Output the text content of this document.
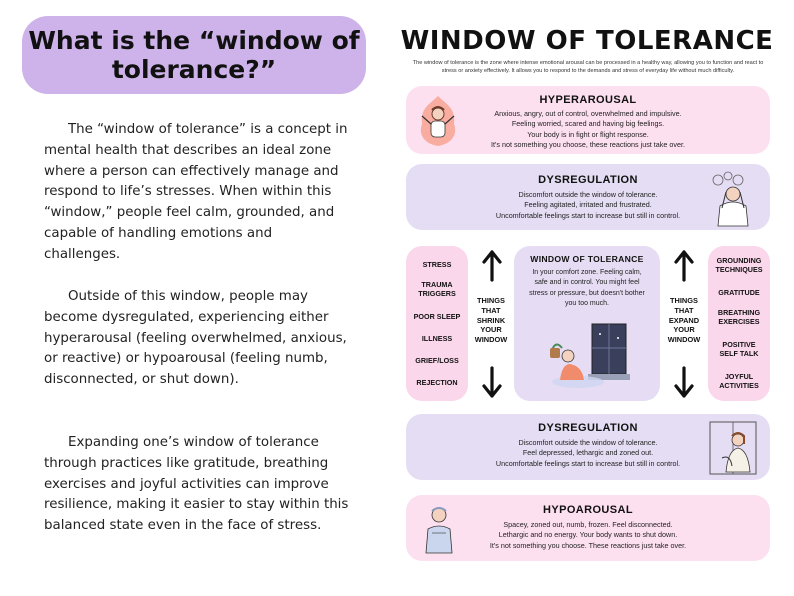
What is the “window of tolerance?”

The “window of tolerance” is a concept in mental health that describes an ideal zone where a person can effectively manage and respond to life’s stresses. When within this “window,” people feel calm, grounded, and capable of handling emotions and challenges.

Outside of this window, people may become dysregulated, experiencing either hyperarousal (feeling overwhelmed, anxious, or reactive) or hypoarousal (feeling numb, disconnected, or shut down).

Expanding one’s window of tolerance through practices like gratitude, breathing exercises and joyful activities can improve resilience, making it easier to stay within this balanced state even in the face of stress.

WINDOW OF TOLERANCE
The window of tolerance is the zone where intense emotional arousal can be processed in a healthy way, allowing you to function and react to stress or anxiety effectively. It allows you to respond to the demands and stress of everyday life without much difficulty.
HYPERAROUSAL
Anxious, angry, out of control, overwhelmed and impulsive.
Feeling worried, scared and having big feelings.
Your body is in fight or flight response.
It's not something you choose, these reactions just take over.
DYSREGULATION
Discomfort outside the window of tolerance.
Feeling agitated, irritated and frustrated.
Uncomfortable feelings start to increase but still in control.
STRESS
TRAUMA TRIGGERS
POOR SLEEP
ILLNESS
GRIEF/LOSS
REJECTION
THINGS THAT SHRINK YOUR WINDOW
WINDOW OF TOLERANCE
In your comfort zone. Feeling calm, safe and in control. You might feel stress or pressure, but doesn't bother you too much.	THINGS THAT EXPAND YOUR WINDOW
GROUNDING TECHNIQUES
GRATITUDE
BREATHING EXERCISES
POSITIVE SELF TALK
JOYFUL ACTIVITIES
DYSREGULATION
Discomfort outside the window of tolerance.
Feel depressed, lethargic and zoned out.
Uncomfortable feelings start to increase but still in control.
HYPOAROUSAL
Spacey, zoned out, numb, frozen. Feel disconnected.
Lethargic and no energy. Your body wants to shut down.
It's not something you choose. These reactions just take over.
